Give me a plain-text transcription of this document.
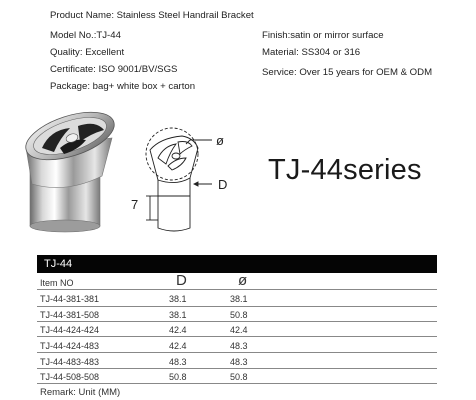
Product Name: Stainless Steel Handrail Bracket
Model No.:TJ-44
Quality: Excellent
Certificate: ISO 9001/BV/SGS
Package: bag+ white box + carton
Finish:satin or mirror surface
Material: SS304 or 316
Service: Over 15 years for OEM & ODM
ø
D
7
TJ-44series
TJ-44
Item NO	D	ø
TJ-44-381-381	38.1	38.1
TJ-44-381-508	38.1	50.8
TJ-44-424-424	42.4	42.4
TJ-44-424-483	42.4	48.3
TJ-44-483-483	48.3	48.3
TJ-44-508-508	50.8	50.8
Remark: Unit (MM)
